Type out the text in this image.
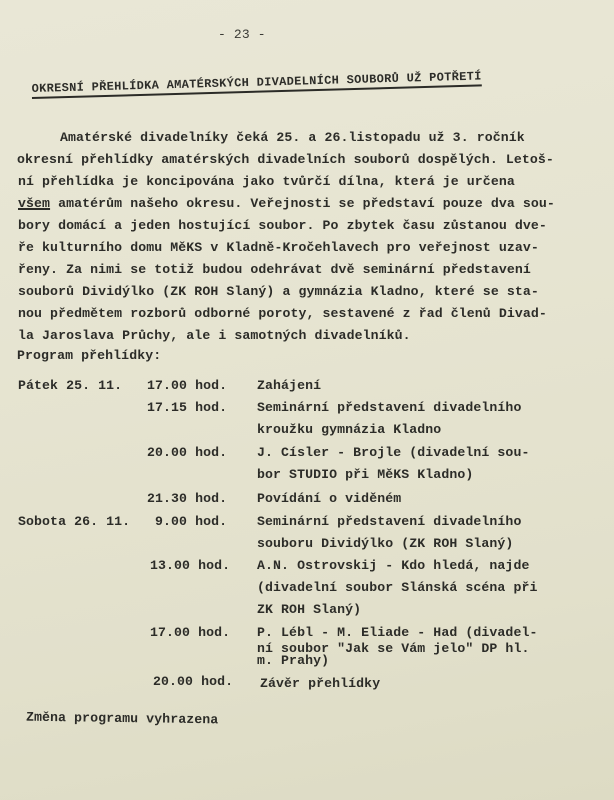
- 23 -
OKRESNÍ PŘEHLÍDKA AMATÉRSKÝCH DIVADELNÍCH SOUBORŮ UŽ POTŘETÍ
Amatérské divadelníky čeká 25. a 26.listopadu už 3. ročník
okresní přehlídky amatérských divadelních souborů dospělých. Letoš-
ní přehlídka je koncipována jako tvůrčí dílna, která je určena
všem amatérům našeho okresu. Veřejnosti se představí pouze dva sou-
bory domácí a jeden hostující soubor. Po zbytek času zůstanou dve-
ře kulturního domu MěKS v Kladně-Kročehlavech pro veřejnost uzav-
řeny. Za nimi se totiž budou odehrávat dvě seminární představení
souborů Dividýlko (ZK ROH Slaný) a gymnázia Kladno, které se sta-
nou předmětem rozborů odborné poroty, sestavené z řad členů Divad-
la Jaroslava Průchy, ale i samotných divadelníků.
Program přehlídky:
Pátek 25. 11. 17.00 hod. Zahájení
17.15 hod. Seminární představení divadelního
kroužku gymnázia Kladno
20.00 hod. J. Císler - Brojle (divadelní sou-
bor STUDIO při MěKS Kladno)
21.30 hod. Povídání o viděném
Sobota 26. 11. 9.00 hod. Seminární představení divadelního
souboru Dividýlko (ZK ROH Slaný)
13.00 hod. A.N. Ostrovskij - Kdo hledá, najde
(divadelní soubor Slánská scéna při
ZK ROH Slaný)
17.00 hod. P. Lébl - M. Eliade - Had (divadel-
ní soubor "Jak se Vám jelo" DP hl.
m. Prahy)
20.00 hod. Závěr přehlídky
Změna programu vyhrazena
